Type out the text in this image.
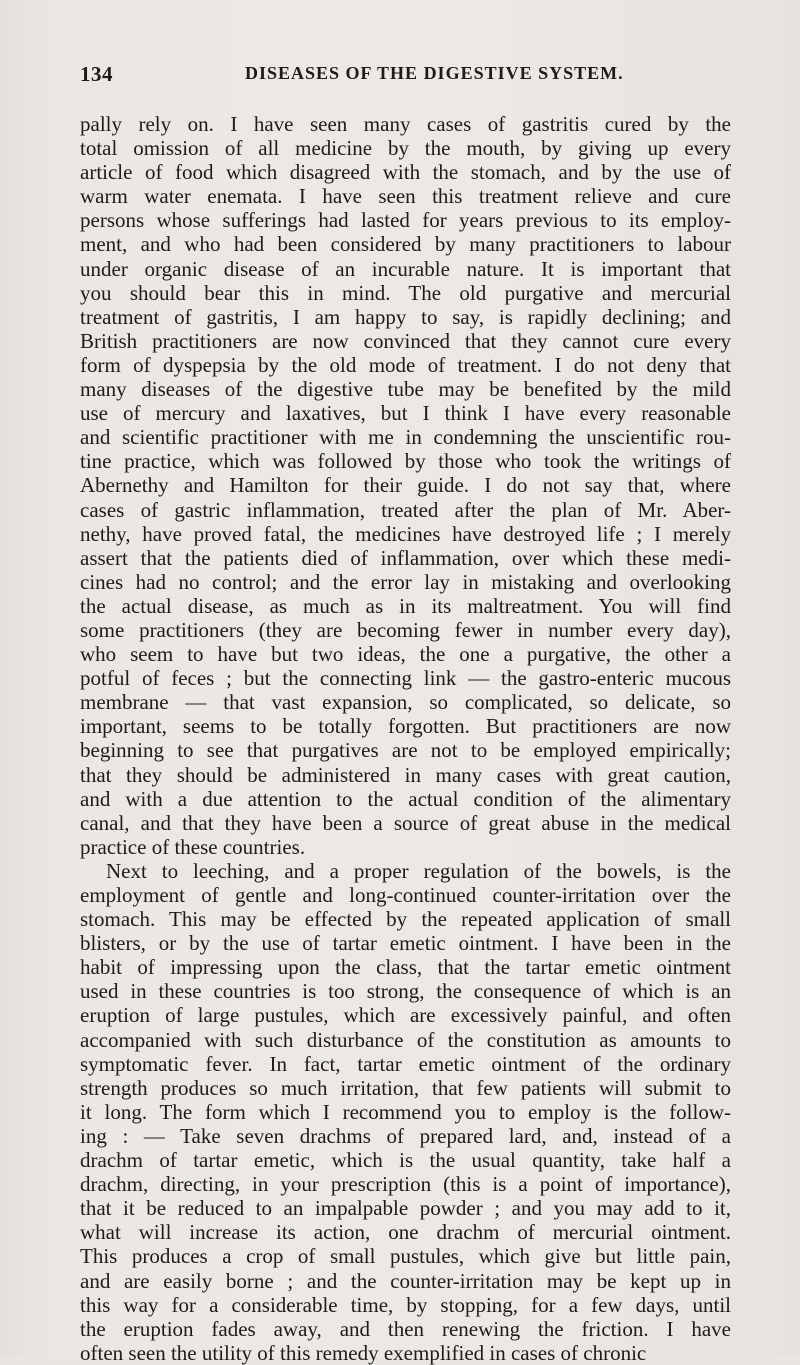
134	DISEASES OF THE DIGESTIVE SYSTEM.
pally rely on. I have seen many cases of gastritis cured by the
total omission of all medicine by the mouth, by giving up every
article of food which disagreed with the stomach, and by the use of
warm water enemata. I have seen this treatment relieve and cure
persons whose sufferings had lasted for years previous to its employ-
ment, and who had been considered by many practitioners to labour
under organic disease of an incurable nature. It is important that
you should bear this in mind. The old purgative and mercurial
treatment of gastritis, I am happy to say, is rapidly declining; and
British practitioners are now convinced that they cannot cure every
form of dyspepsia by the old mode of treatment. I do not deny that
many diseases of the digestive tube may be benefited by the mild
use of mercury and laxatives, but I think I have every reasonable
and scientific practitioner with me in condemning the unscientific rou-
tine practice, which was followed by those who took the writings of
Abernethy and Hamilton for their guide. I do not say that, where
cases of gastric inflammation, treated after the plan of Mr. Aber-
nethy, have proved fatal, the medicines have destroyed life ; I merely
assert that the patients died of inflammation, over which these medi-
cines had no control; and the error lay in mistaking and overlooking
the actual disease, as much as in its maltreatment. You will find
some practitioners (they are becoming fewer in number every day),
who seem to have but two ideas, the one a purgative, the other a
potful of feces ; but the connecting link — the gastro-enteric mucous
membrane — that vast expansion, so complicated, so delicate, so
important, seems to be totally forgotten. But practitioners are now
beginning to see that purgatives are not to be employed empirically;
that they should be administered in many cases with great caution,
and with a due attention to the actual condition of the alimentary
canal, and that they have been a source of great abuse in the medical
practice of these countries.
Next to leeching, and a proper regulation of the bowels, is the
employment of gentle and long-continued counter-irritation over the
stomach. This may be effected by the repeated application of small
blisters, or by the use of tartar emetic ointment. I have been in the
habit of impressing upon the class, that the tartar emetic ointment
used in these countries is too strong, the consequence of which is an
eruption of large pustules, which are excessively painful, and often
accompanied with such disturbance of the constitution as amounts to
symptomatic fever. In fact, tartar emetic ointment of the ordinary
strength produces so much irritation, that few patients will submit to
it long. The form which I recommend you to employ is the follow-
ing : — Take seven drachms of prepared lard, and, instead of a
drachm of tartar emetic, which is the usual quantity, take half a
drachm, directing, in your prescription (this is a point of importance),
that it be reduced to an impalpable powder ; and you may add to it,
what will increase its action, one drachm of mercurial ointment.
This produces a crop of small pustules, which give but little pain,
and are easily borne ; and the counter-irritation may be kept up in
this way for a considerable time, by stopping, for a few days, until
the eruption fades away, and then renewing the friction. I have
often seen the utility of this remedy exemplified in cases of chronic
